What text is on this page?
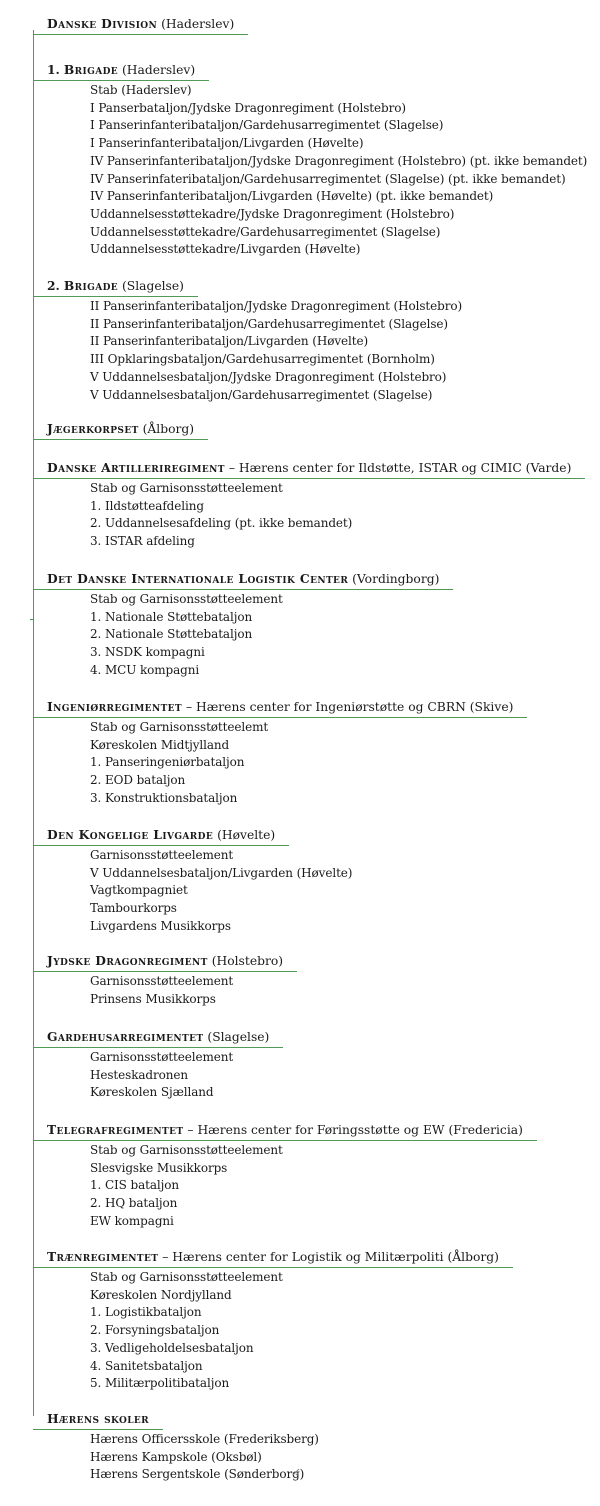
Danske Division (Haderslev)
1. Brigade (Haderslev)
Stab (Haderslev)
I Panserbataljon/Jydske Dragonregiment (Holstebro)
I Panserinfanteribataljon/Gardehusarregimentet (Slagelse)
I Panserinfanteribataljon/Livgarden (Høvelte)
IV Panserinfanteribataljon/Jydske Dragonregiment (Holstebro) (pt. ikke bemandet)
IV Panserinfateribataljon/Gardehusarregimentet (Slagelse) (pt. ikke bemandet)
IV Panserinfanteribataljon/Livgarden (Høvelte) (pt. ikke bemandet)
Uddannelsesstøttekadre/Jydske Dragonregiment (Holstebro)
Uddannelsesstøttekadre/Gardehusarregimentet (Slagelse)
Uddannelsesstøttekadre/Livgarden (Høvelte)
2. Brigade (Slagelse)
II Panserinfanteribataljon/Jydske Dragonregiment (Holstebro)
II Panserinfanteribataljon/Gardehusarregimentet (Slagelse)
II Panserinfanteribataljon/Livgarden (Høvelte)
III Opklaringsbataljon/Gardehusarregimentet (Bornholm)
V Uddannelsesbataljon/Jydske Dragonregiment (Holstebro)
V Uddannelsesbataljon/Gardehusarregimentet (Slagelse)
Jægerkorpset (Ålborg)
Danske Artilleriregiment – Hærens center for Ildstøtte, ISTAR og CIMIC (Varde)
Stab og Garnisonsstøtteelement
1. Ildstøtteafdeling
2. Uddannelsesafdeling (pt. ikke bemandet)
3. ISTAR afdeling
Det Danske Internationale Logistik Center (Vordingborg)
Stab og Garnisonsstøtteelement
1. Nationale Støttebataljon
2. Nationale Støttebataljon
3. NSDK kompagni
4. MCU kompagni
Ingeniørregimentet – Hærens center for Ingeniørstøtte og CBRN (Skive)
Stab og Garnisonsstøtteelemt
Køreskolen Midtjylland
1. Panseringeniørbataljon
2. EOD bataljon
3. Konstruktionsbataljon
Den Kongelige Livgarde (Høvelte)
Garnisonsstøtteelement
V Uddannelsesbataljon/Livgarden (Høvelte)
Vagtkompagniet
Tambourkorps
Livgardens Musikkorps
Jydske Dragonregiment (Holstebro)
Garnisonsstøtteelement
Prinsens Musikkorps
Gardehusarregimentet (Slagelse)
Garnisonsstøtteelement
Hesteskadronen
Køreskolen Sjælland
Telegrafregimentet – Hærens center for Føringsstøtte og EW (Fredericia)
Stab og Garnisonsstøtteelement
Slesvigske Musikkorps
1. CIS bataljon
2. HQ bataljon
EW kompagni
Trænregimentet – Hærens center for Logistik og Militærpoliti (Ålborg)
Stab og Garnisonsstøtteelement
Køreskolen Nordjylland
1. Logistikbataljon
2. Forsyningsbataljon
3. Vedligeholdelsesbataljon
4. Sanitetsbataljon
5. Militærpolitibataljon
Hærens skoler
Hærens Officersskole (Frederiksberg)
Hærens Kampskole (Oksbøl)
Hærens Sergentskole (Sønderborg)
